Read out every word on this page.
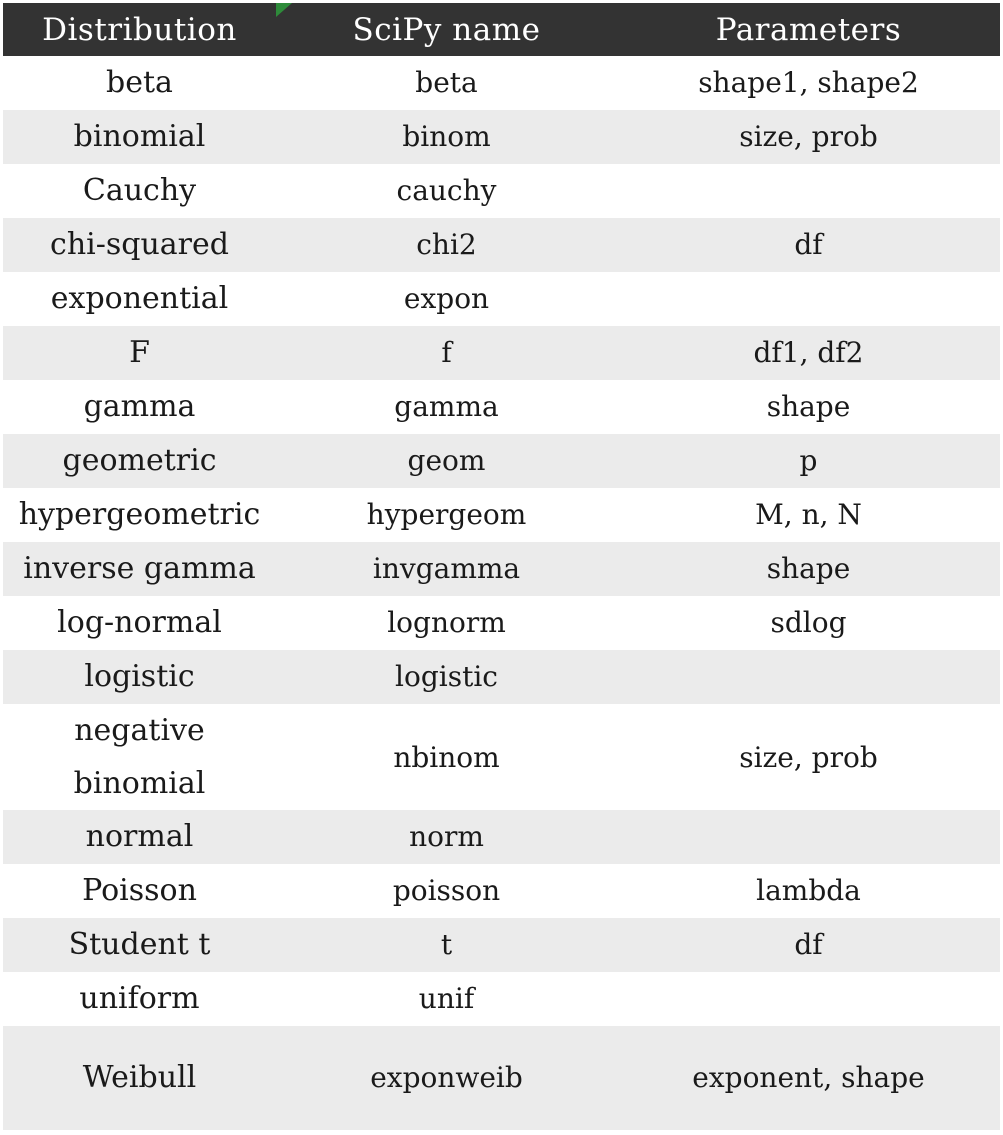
Distribution	SciPy name	Parameters
beta	beta	shape1, shape2
binomial	binom	size, prob
Cauchy	cauchy	
chi-squared	chi2	df
exponential	expon	
F	f	df1, df2
gamma	gamma	shape
geometric	geom	p
hypergeometric	hypergeom	M, n, N
inverse gamma	invgamma	shape
log-normal	lognorm	sdlog
logistic	logistic	
negative binomial	nbinom	size, prob
normal	norm	
Poisson	poisson	lambda
Student t	t	df
uniform	unif	
Weibull	exponweib	exponent, shape
